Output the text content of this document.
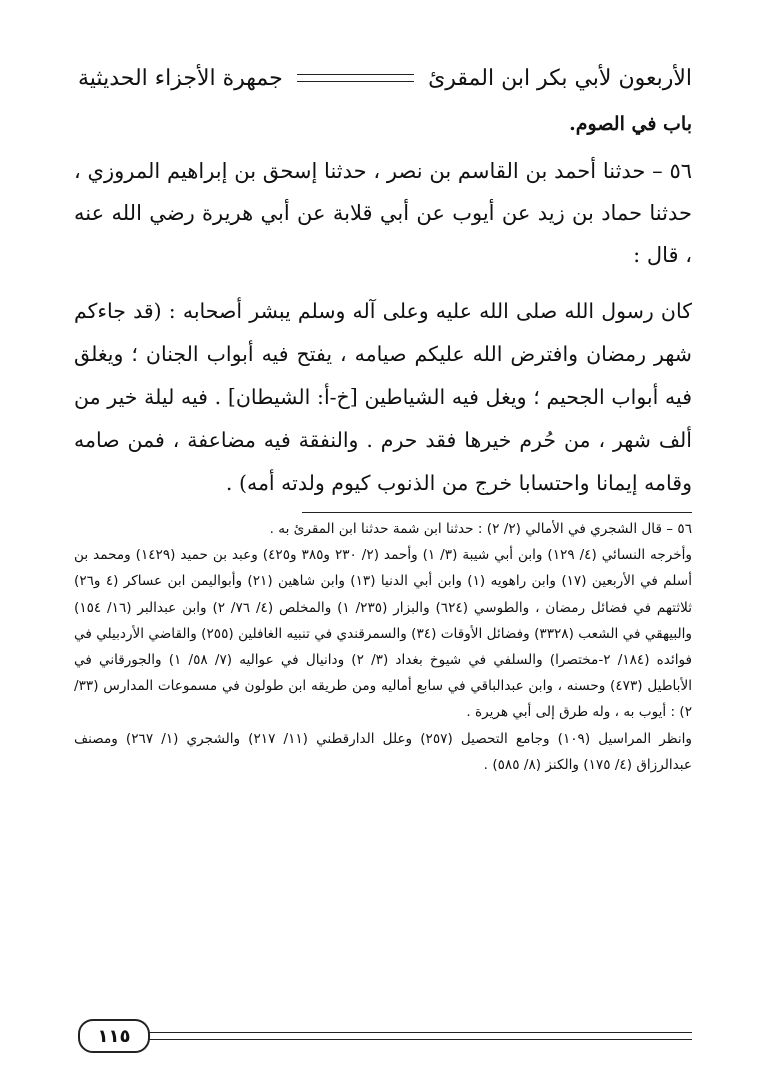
الأربعون لأبي بكر ابن المقرئ
جمهرة الأجزاء الحديثية
باب في الصوم.
٥٦ – حدثنا أحمد بن القاسم بن نصر ، حدثنا إسحق بن إبراهيم المروزي ، حدثنا حماد بن زيد عن أيوب عن أبي قلابة عن أبي هريرة رضي الله عنه ، قال :
كان رسول الله صلى الله عليه وعلى آله وسلم يبشر أصحابه : (قد جاءكم شهر رمضان وافترض الله عليكم صيامه ، يفتح فيه أبواب الجنان ؛ ويغلق فيه أبواب الجحيم ؛ ويغل فيه الشياطين [خ-أ: الشيطان] . فيه ليلة خير من ألف شهر ، من حُرم خيرها فقد حرم . والنفقة فيه مضاعفة ، فمن صامه وقامه إيمانا واحتسابا خرج من الذنوب كيوم ولدته أمه) .

٥٦ – قال الشجري في الأمالي (٢/ ٢) : حدثنا ابن شمة حدثنا ابن المقرئ به .

وأخرجه النسائي (٤/ ١٢٩) وابن أبي شيبة (٣/ ١) وأحمد (٢/ ٢٣٠ و٣٨٥ و٤٢٥) وعبد بن حميد (١٤٢٩) ومحمد بن أسلم في الأربعين (١٧) وابن راهويه (١) وابن أبي الدنيا (١٣) وابن شاهين (٢١) وأبواليمن ابن عساكر (٤ و٢٦) ثلاثتهم في فضائل رمضان ، والطوسي (٦٢٤) والبزار (٢٣٥/ ١) والمخلص (٤/ ٧٦/ ٢) وابن عبدالبر (١٦/ ١٥٤) والبيهقي في الشعب (٣٣٢٨) وفضائل الأوقات (٣٤) والسمرقندي في تنبيه الغافلين (٢٥٥) والقاضي الأردبيلي في فوائده (١٨٤/ ٢-مختصرا) والسلفي في شيوخ بغداد (٣/ ٢) ودانيال في عواليه (٧/ ٥٨/ ١) والجورقاني في الأباطيل (٤٧٣) وحسنه ، وابن عبدالباقي في سابع أماليه ومن طريقه ابن طولون في مسموعات المدارس (٣٣/ ٢) : أيوب به ، وله طرق إلى أبي هريرة .

وانظر المراسيل (١٠٩) وجامع التحصيل (٢٥٧) وعلل الدارقطني (١١/ ٢١٧) والشجري (١/ ٢٦٧) ومصنف عبدالرزاق (٤/ ١٧٥) والكنز (٨/ ٥٨٥) .

١١٥
